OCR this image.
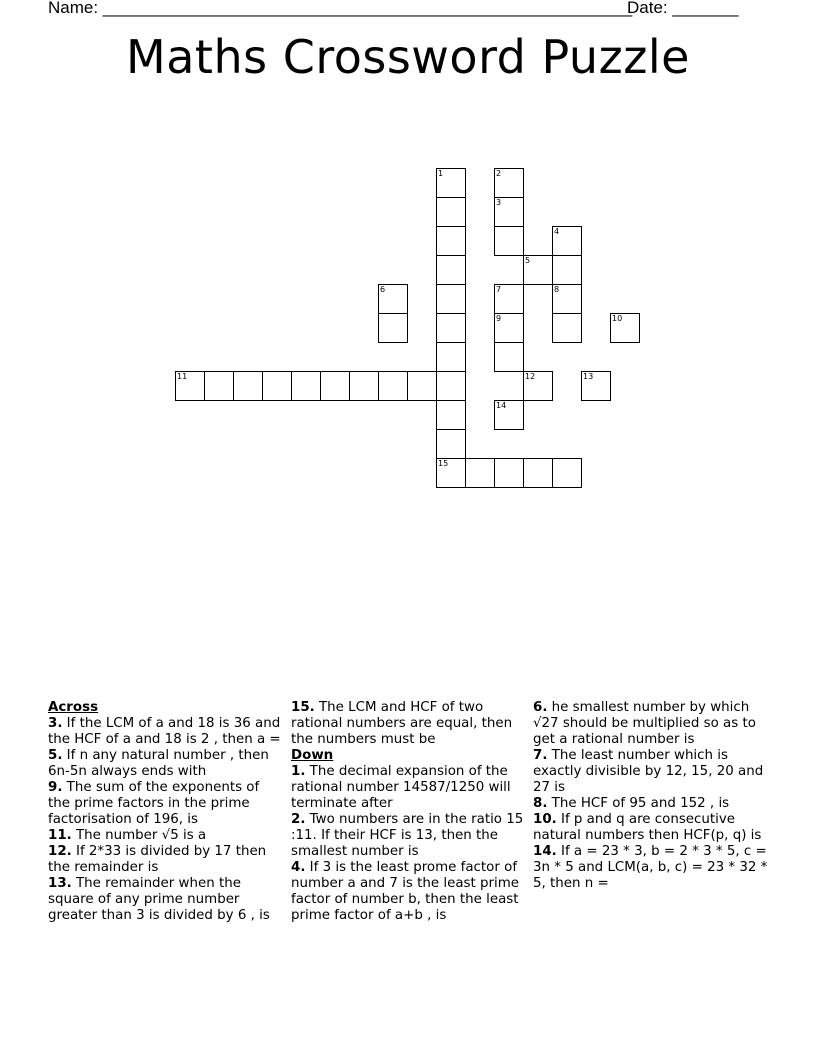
Name: ________________________________________________________
Date: _______
Maths Crossword Puzzle
1
15
2
3
4
5
6	7
9
8
10
11	12	13
14
Across
3. If the LCM of a and 18 is 36 and the HCF of a and 18 is 2 , then a =
5. If n any natural number , then 6n-5n always ends with
9. The sum of the exponents of the prime factors in the prime factorisation of 196, is
11. The number √5 is a
12. If 2*33 is divided by 17 then the remainder is
13. The remainder when the square of any prime number greater than 3 is divided by 6 , is
15. The LCM and HCF of two rational numbers are equal, then the numbers must be
Down
1. The decimal expansion of the rational number 14587/1250 will terminate after
2. Two numbers are in the ratio 15 :11. If their HCF is 13, then the smallest number is
4. If 3 is the least prome factor of number a and 7 is the least prime factor of number b, then the least prime factor of a+b , is
6. he smallest number by which √27 should be multiplied so as to get a rational number is
7. The least number which is exactly divisible by 12, 15, 20 and 27 is
8. The HCF of 95 and 152 , is
10. If p and q are consecutive natural numbers then HCF(p, q) is
14. If a = 23 * 3, b = 2 * 3 * 5, c = 3n * 5 and LCM(a, b, c) = 23 * 32 * 5, then n =
